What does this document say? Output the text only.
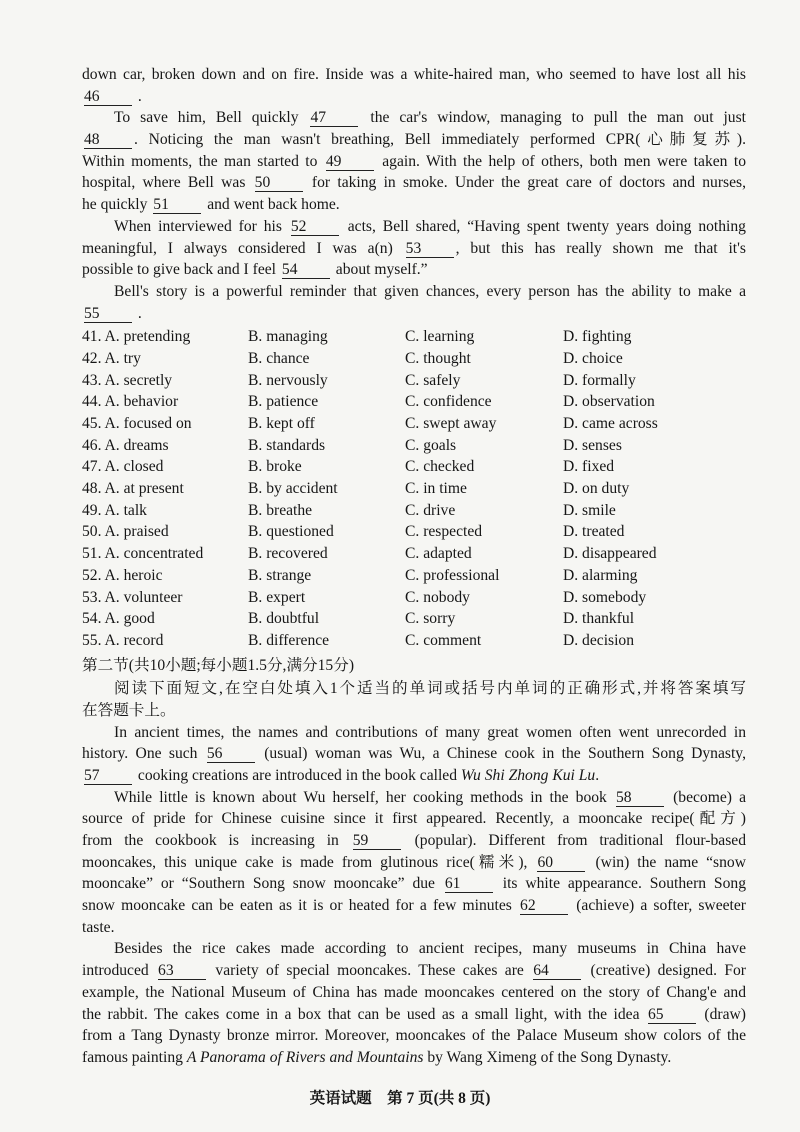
down car, broken down and on fire. Inside was a white-haired man, who seemed to have lost all his
46 .
To save him, Bell quickly 47 the car's window, managing to pull the man out just
48 . Noticing the man wasn't breathing, Bell immediately performed CPR(心肺复苏).
Within moments, the man started to 49 again. With the help of others, both men were taken to
hospital, where Bell was 50 for taking in smoke. Under the great care of doctors and nurses,
he quickly 51 and went back home.
When interviewed for his 52 acts, Bell shared, “Having spent twenty years doing nothing
meaningful, I always considered I was a(n) 53 , but this has really shown me that it's
possible to give back and I feel 54 about myself.”
Bell's story is a powerful reminder that given chances, every person has the ability to make a
55 .
41. A. pretending	B. managing	C. learning	D. fighting
42. A. try	B. chance	C. thought	D. choice
43. A. secretly	B. nervously	C. safely	D. formally
44. A. behavior	B. patience	C. confidence	D. observation
45. A. focused on	B. kept off	C. swept away	D. came across
46. A. dreams	B. standards	C. goals	D. senses
47. A. closed	B. broke	C. checked	D. fixed
48. A. at present	B. by accident	C. in time	D. on duty
49. A. talk	B. breathe	C. drive	D. smile
50. A. praised	B. questioned	C. respected	D. treated
51. A. concentrated	B. recovered	C. adapted	D. disappeared
52. A. heroic	B. strange	C. professional	D. alarming
53. A. volunteer	B. expert	C. nobody	D. somebody
54. A. good	B. doubtful	C. sorry	D. thankful
55. A. record	B. difference	C. comment	D. decision
第二节(共10小题;每小题1.5分,满分15分)
阅读下面短文,在空白处填入1个适当的单词或括号内单词的正确形式,并将答案填写
在答题卡上。
In ancient times, the names and contributions of many great women often went unrecorded in
history. One such 56 (usual) woman was Wu, a Chinese cook in the Southern Song Dynasty,
57 cooking creations are introduced in the book called Wu Shi Zhong Kui Lu.
While little is known about Wu herself, her cooking methods in the book 58 (become) a
source of pride for Chinese cuisine since it first appeared. Recently, a mooncake recipe(配方)
from the cookbook is increasing in 59 (popular). Different from traditional flour-based
mooncakes, this unique cake is made from glutinous rice(糯米), 60 (win) the name “snow
mooncake” or “Southern Song snow mooncake” due 61 its white appearance. Southern Song
snow mooncake can be eaten as it is or heated for a few minutes 62 (achieve) a softer, sweeter
taste.
Besides the rice cakes made according to ancient recipes, many museums in China have
introduced 63 variety of special mooncakes. These cakes are 64 (creative) designed. For
example, the National Museum of China has made mooncakes centered on the story of Chang'e and
the rabbit. The cakes come in a box that can be used as a small light, with the idea 65 (draw)
from a Tang Dynasty bronze mirror. Moreover, mooncakes of the Palace Museum show colors of the
famous painting A Panorama of Rivers and Mountains by Wang Ximeng of the Song Dynasty.
英语试题　第 7 页(共 8 页)
